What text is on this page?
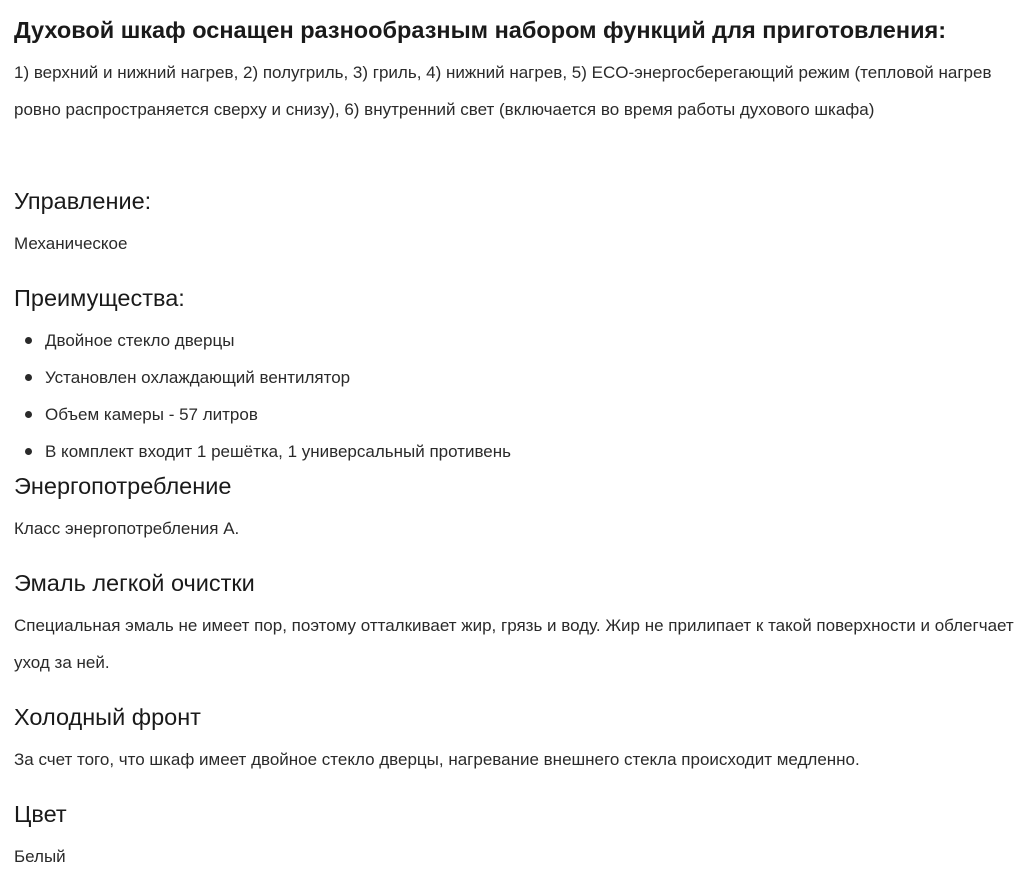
Духовой шкаф оснащен разнообразным набором функций для приготовления:

1) верхний и нижний нагрев, 2) полугриль, 3) гриль, 4) нижний нагрев, 5) ECO-энергосберегающий режим (тепловой нагрев ровно распространяется сверху и снизу), 6) внутренний свет (включается во время работы духового шкафа)

Управление:

Механическое

Преимущества:
Двойное стекло дверцы
Установлен охлаждающий вентилятор
Объем камеры - 57 литров
В комплект входит 1 решётка, 1 универсальный противень
Энергопотребление

Класс энергопотребления А.

Эмаль легкой очистки

Специальная эмаль не имеет пор, поэтому отталкивает жир, грязь и воду. Жир не прилипает к такой поверхности и облегчает уход за ней.

Холодный фронт

За счет того, что шкаф имеет двойное стекло дверцы, нагревание внешнего стекла происходит медленно.

Цвет

Белый
